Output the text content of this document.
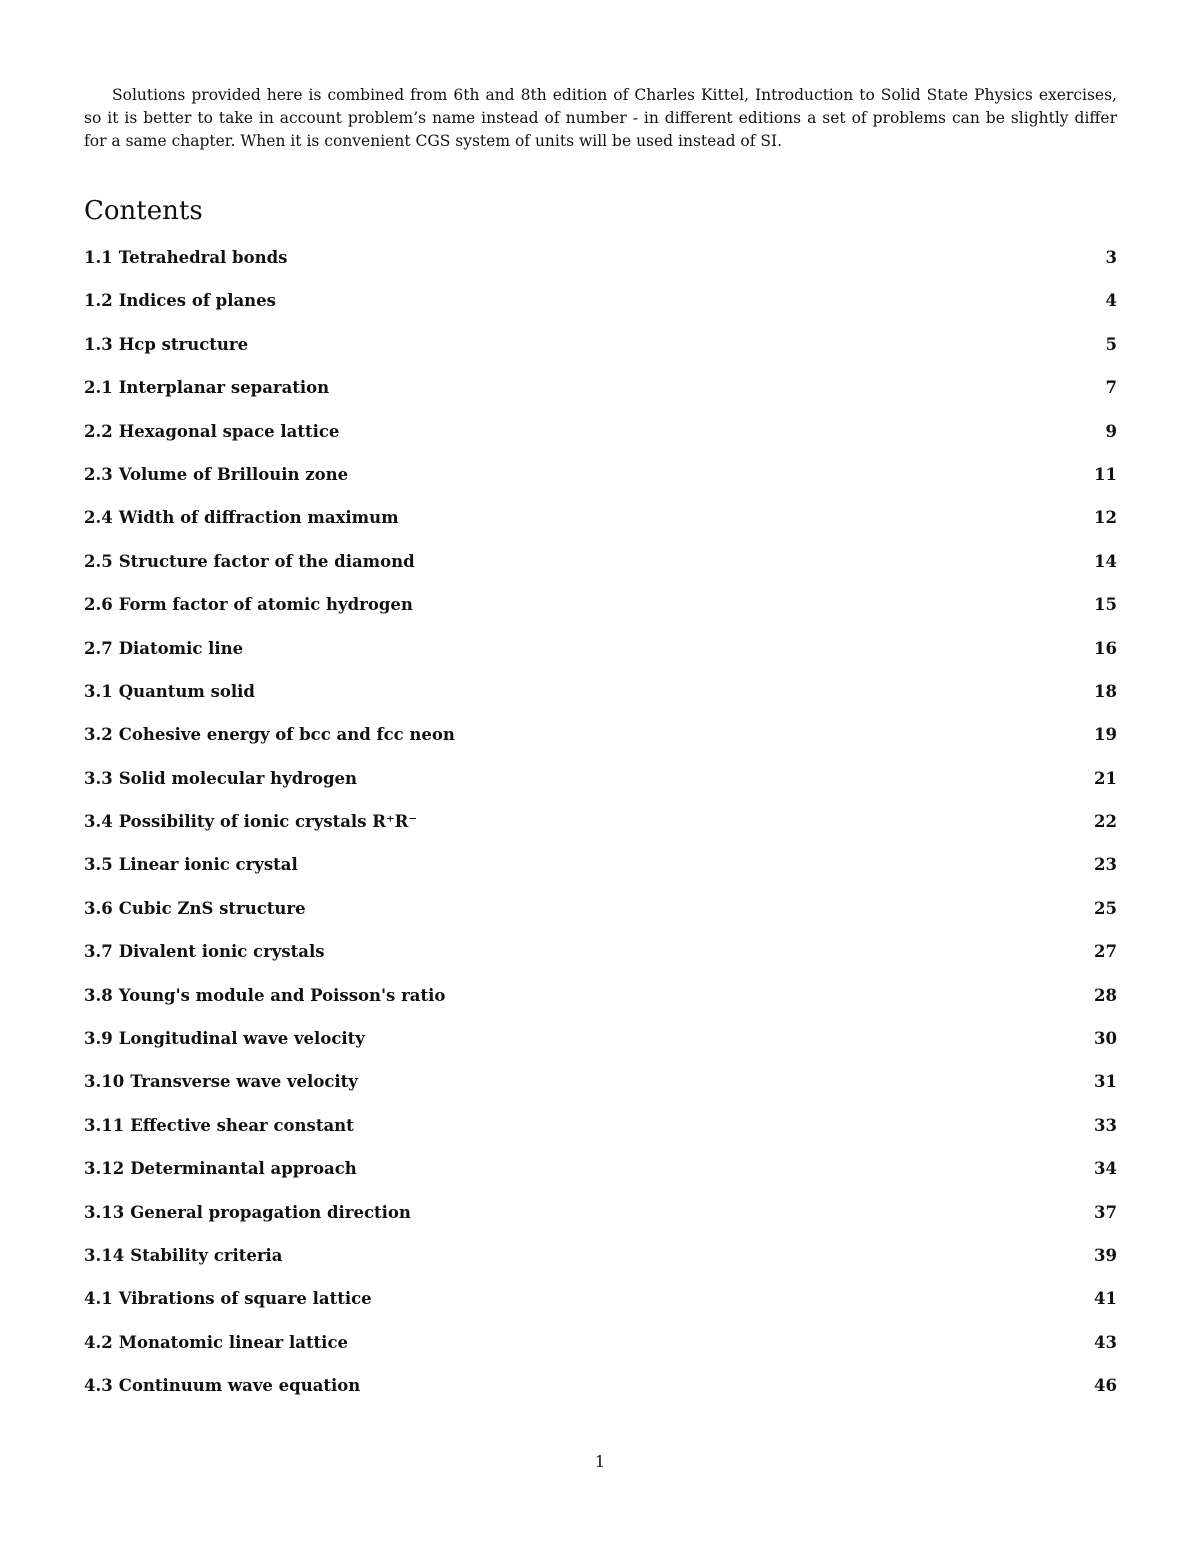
Solutions provided here is combined from 6th and 8th edition of Charles Kittel, Introduction to Solid State Physics exercises, so it is better to take in account problem’s name instead of number - in different editions a set of problems can be slightly differ for a same chapter. When it is convenient CGS system of units will be used instead of SI.

Contents
1.1 Tetrahedral bonds	3
1.2 Indices of planes	4
1.3 Hcp structure	5
2.1 Interplanar separation	7
2.2 Hexagonal space lattice	9
2.3 Volume of Brillouin zone	11
2.4 Width of diffraction maximum	12
2.5 Structure factor of the diamond	14
2.6 Form factor of atomic hydrogen	15
2.7 Diatomic line	16
3.1 Quantum solid	18
3.2 Cohesive energy of bcc and fcc neon	19
3.3 Solid molecular hydrogen	21
3.4 Possibility of ionic crystals R⁺R⁻	22
3.5 Linear ionic crystal	23
3.6 Cubic ZnS structure	25
3.7 Divalent ionic crystals	27
3.8 Young's module and Poisson's ratio	28
3.9 Longitudinal wave velocity	30
3.10 Transverse wave velocity	31
3.11 Effective shear constant	33
3.12 Determinantal approach	34
3.13 General propagation direction	37
3.14 Stability criteria	39
4.1 Vibrations of square lattice	41
4.2 Monatomic linear lattice	43
4.3 Continuum wave equation	46
1
